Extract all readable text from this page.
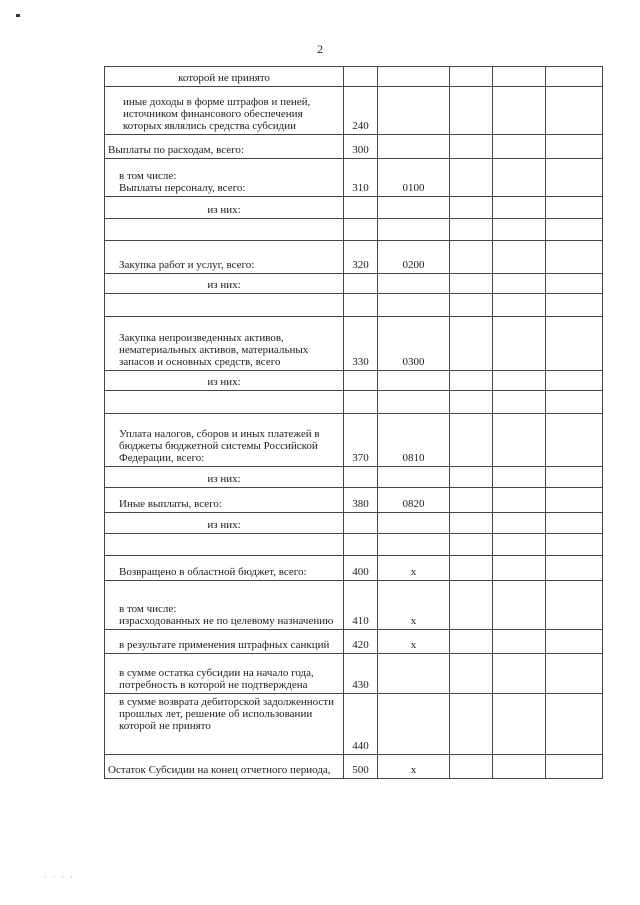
2
которой не принято					
иные доходы в форме штрафов и пеней, источником финансового обеспечения которых являлись средства субсидии	240				
Выплаты по расходам, всего:	300				
в том числе:
Выплаты персоналу, всего:	310	0100			
из них:					

Закупка работ и услуг, всего:	320	0200			
из них:					

Закупка непроизведенных активов, нематериальных активов, материальных запасов и основных средств, всего	330	0300			
из них:					

Уплата налогов, сборов и иных платежей в бюджеты бюджетной системы Российской Федерации, всего:	370	0810			
из них:					
Иные выплаты, всего:	380	0820			
из них:					

Возвращено в областной бюджет, всего:	400	x			
в том числе:
израсходованных не по целевому назначению	410	x			
в результате применения штрафных санкций	420	x			
в сумме остатка субсидии на начало года, потребность в которой не подтверждена	430				
в сумме возврата дебиторской задолженности прошлых лет, решение об использовании которой не принято	440				
Остаток Субсидии на конец отчетного периода,	500	x			
· · · ·
